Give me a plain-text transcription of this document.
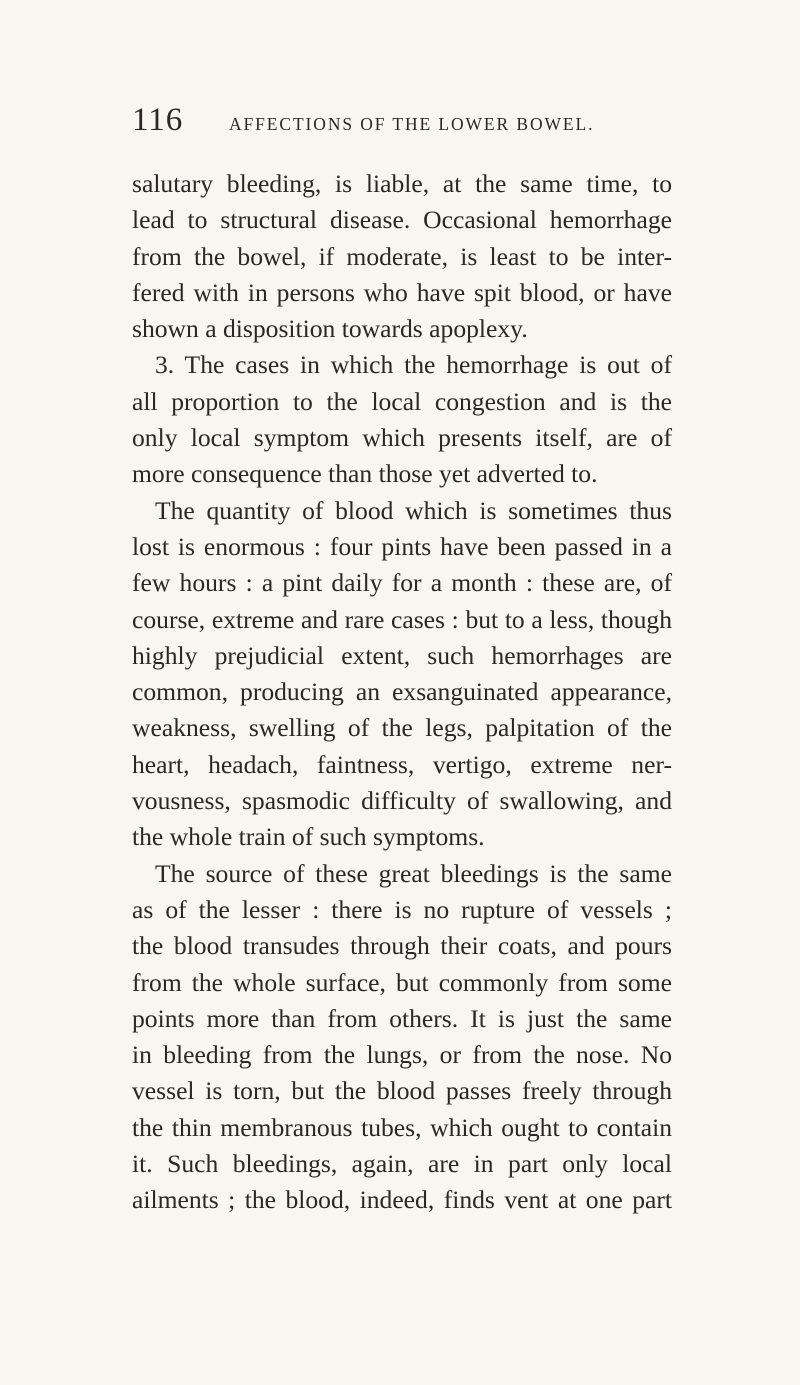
116	AFFECTIONS OF THE LOWER BOWEL.
salutary bleeding, is liable, at the same time, to
lead to structural disease. Occasional hemorrhage
from the bowel, if moderate, is least to be inter-
fered with in persons who have spit blood, or have
shown a disposition towards apoplexy.
3. The cases in which the hemorrhage is out of
all proportion to the local congestion and is the
only local symptom which presents itself, are of
more consequence than those yet adverted to.
The quantity of blood which is sometimes thus
lost is enormous : four pints have been passed in a
few hours : a pint daily for a month : these are, of
course, extreme and rare cases : but to a less, though
highly prejudicial extent, such hemorrhages are
common, producing an exsanguinated appearance,
weakness, swelling of the legs, palpitation of the
heart, headach, faintness, vertigo, extreme ner-
vousness, spasmodic difficulty of swallowing, and
the whole train of such symptoms.
The source of these great bleedings is the same
as of the lesser : there is no rupture of vessels ;
the blood transudes through their coats, and pours
from the whole surface, but commonly from some
points more than from others. It is just the same
in bleeding from the lungs, or from the nose. No
vessel is torn, but the blood passes freely through
the thin membranous tubes, which ought to contain
it. Such bleedings, again, are in part only local
ailments ; the blood, indeed, finds vent at one part
